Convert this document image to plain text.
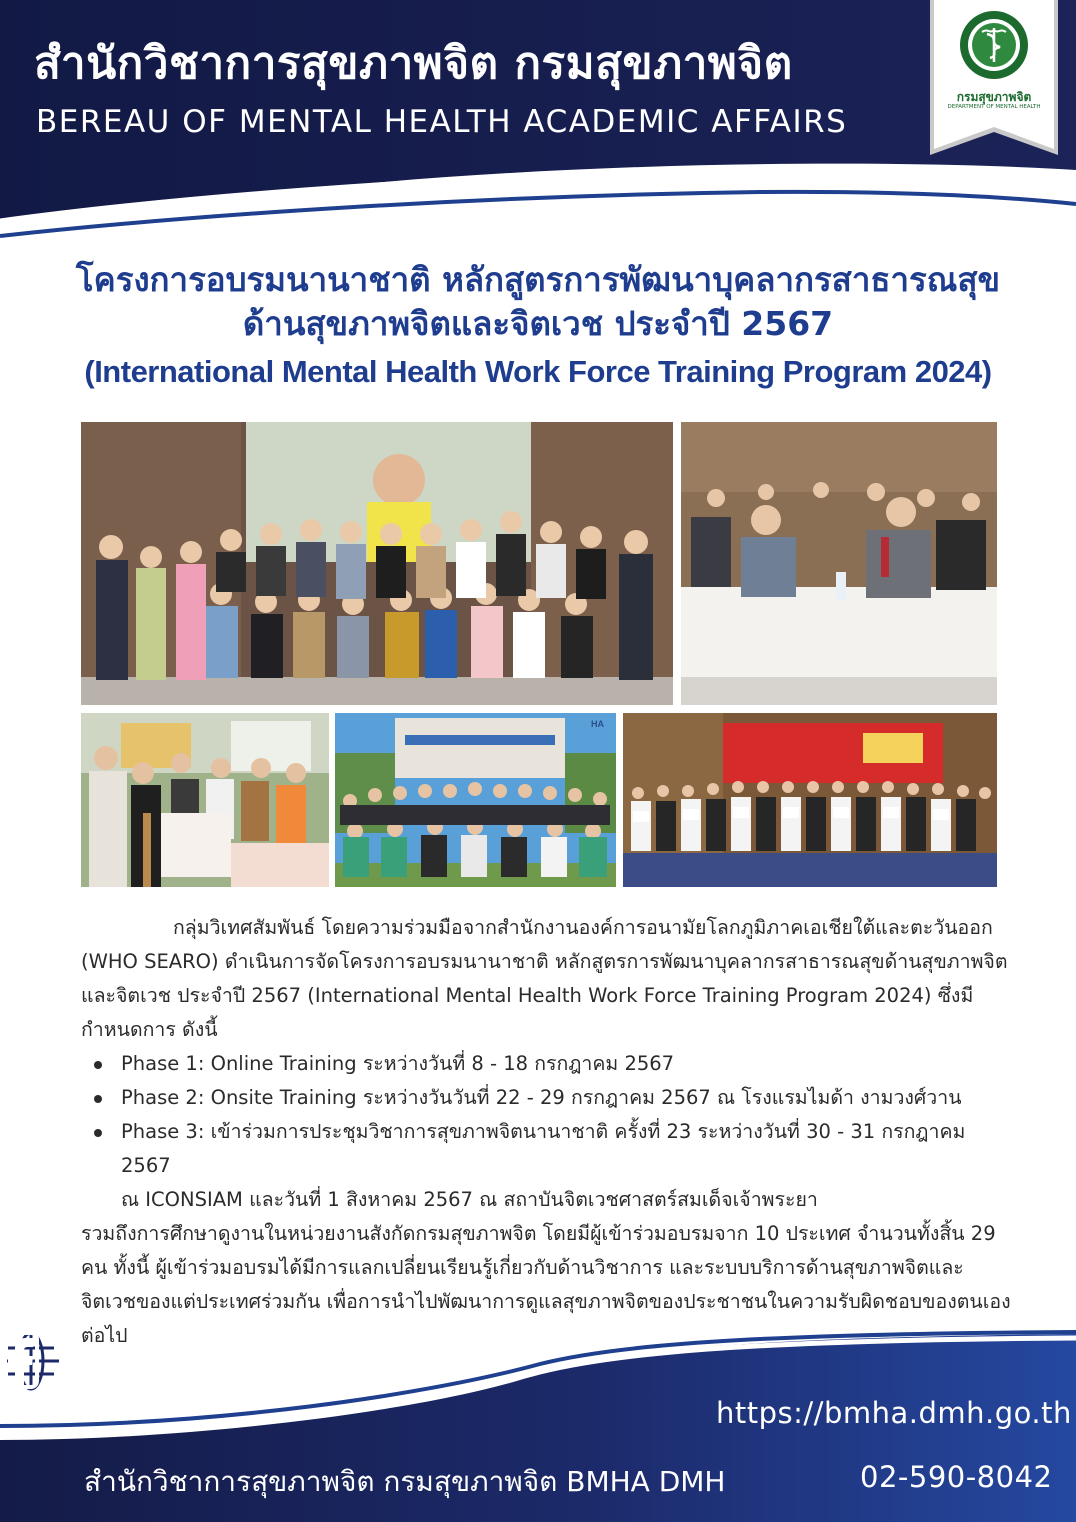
สำนักวิชาการสุขภาพจิต กรมสุขภาพจิต
BEREAU OF MENTAL HEALTH ACADEMIC AFFAIRS
กรมสุขภาพจิต
DEPARTMENT OF MENTAL HEALTH
โครงการอบรมนานาชาติ หลักสูตรการพัฒนาบุคลากรสาธารณสุข
ด้านสุขภาพจิตและจิตเวช ประจำปี 2567
(International Mental Health Work Force Training Program 2024)
HA

กลุ่มวิเทศสัมพันธ์ โดยความร่วมมือจากสำนักงานองค์การอนามัยโลกภูมิภาคเอเชียใต้และตะวันออก (WHO SEARO) ดำเนินการจัดโครงการอบรมนานาชาติ หลักสูตรการพัฒนาบุคลากรสาธารณสุขด้านสุขภาพจิตและจิตเวช ประจำปี 2567 (International Mental Health Work Force Training Program 2024) ซึ่งมีกำหนดการ ดังนี้

Phase 1: Online Training ระหว่างวันที่ 8 - 18 กรกฎาคม 2567
Phase 2: Onsite Training ระหว่างวันวันที่ 22 - 29 กรกฎาคม 2567 ณ โรงแรมไมด้า งามวงศ์วาน
Phase 3: เข้าร่วมการประชุมวิชาการสุขภาพจิตนานาชาติ ครั้งที่ 23 ระหว่างวันที่ 30 - 31 กรกฎาคม 2567

ณ ICONSIAM และวันที่ 1 สิงหาคม 2567 ณ สถาบันจิตเวชศาสตร์สมเด็จเจ้าพระยา

รวมถึงการศึกษาดูงานในหน่วยงานสังกัดกรมสุขภาพจิต โดยมีผู้เข้าร่วมอบรมจาก 10 ประเทศ จำนวนทั้งสิ้น 29 คน ทั้งนี้ ผู้เข้าร่วมอบรมได้มีการแลกเปลี่ยนเรียนรู้เกี่ยวกับด้านวิชาการ และระบบบริการด้านสุขภาพจิตและจิตเวชของแต่ประเทศร่วมกัน เพื่อการนำไปพัฒนาการดูแลสุขภาพจิตของประชาชนในความรับผิดชอบของตนเองต่อไป

https://bmha.dmh.go.th
สำนักวิชาการสุขภาพจิต กรมสุขภาพจิต BMHA DMH	02-590-8042
